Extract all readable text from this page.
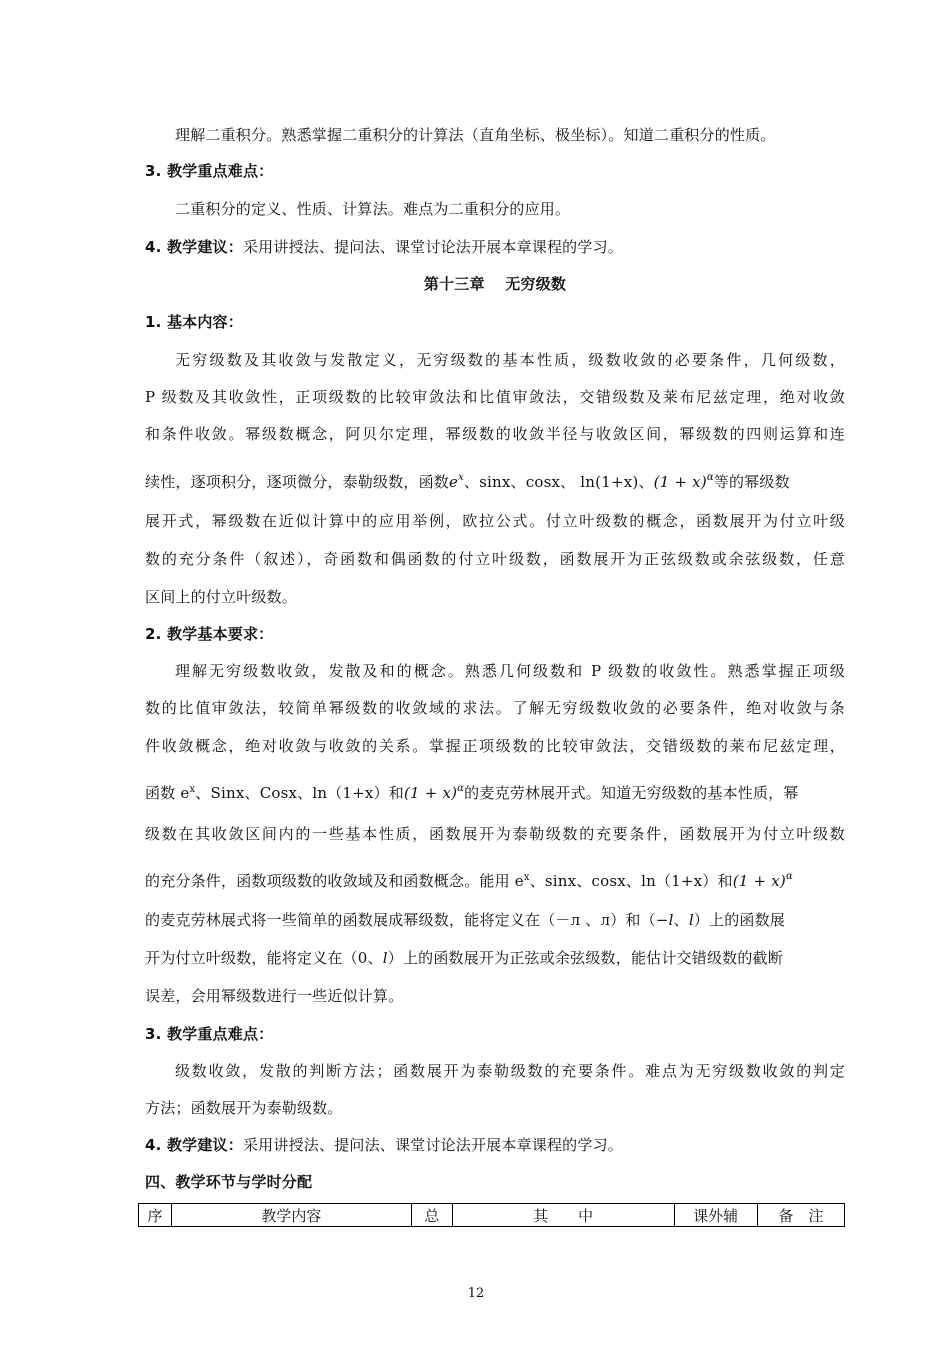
理解二重积分。熟悉掌握二重积分的计算法（直角坐标、极坐标）。知道二重积分的性质。
3. 教学重点难点：
二重积分的定义、性质、计算法。难点为二重积分的应用。
4. 教学建议：采用讲授法、提问法、课堂讨论法开展本章课程的学习。
第十三章　 无穷级数
1. 基本内容：
无穷级数及其收敛与发散定义，无穷级数的基本性质，级数收敛的必要条件，几何级数，
P 级数及其收敛性，正项级数的比较审敛法和比值审敛法，交错级数及莱布尼兹定理，绝对收敛
和条件收敛。幂级数概念，阿贝尔定理，幂级数的收敛半径与收敛区间，幂级数的四则运算和连
续性，逐项积分，逐项微分，泰勒级数，函数$e^x$、sinx、cosx、 ln(1+x)、$(1 + x)^\alpha$等的幂级数
展开式，幂级数在近似计算中的应用举例，欧拉公式。付立叶级数的概念，函数展开为付立叶级
数的充分条件（叙述），奇函数和偶函数的付立叶级数，函数展开为正弦级数或余弦级数，任意
区间上的付立叶级数。
2. 教学基本要求：
理解无穷级数收敛，发散及和的概念。熟悉几何级数和 P 级数的收敛性。熟悉掌握正项级
数的比值审敛法，较简单幂级数的收敛域的求法。了解无穷级数收敛的必要条件，绝对收敛与条
件收敛概念，绝对收敛与收敛的关系。掌握正项级数的比较审敛法，交错级数的莱布尼兹定理，
函数 $e^x$、Sinx、Cosx、ln（1+x）和$(1 + x)^\alpha$的麦克劳林展开式。知道无穷级数的基本性质，幂
级数在其收敛区间内的一些基本性质，函数展开为泰勒级数的充要条件，函数展开为付立叶级数
的充分条件，函数项级数的收敛域及和函数概念。能用 $e^x$、sinx、cosx、ln（1+x）和$(1 + x)^\alpha$
的麦克劳林展式将一些简单的函数展成幂级数，能将定义在（－л 、л）和（−l、l）上的函数展
开为付立叶级数，能将定义在（0、l）上的函数展开为正弦或余弦级数，能估计交错级数的截断
误差，会用幂级数进行一些近似计算。
3. 教学重点难点：
级数收敛，发散的判断方法；函数展开为泰勒级数的充要条件。难点为无穷级数收敛的判定
方法；函数展开为泰勒级数。
4. 教学建议：采用讲授法、提问法、课堂讨论法开展本章课程的学习。
四、教学环节与学时分配
序	教学内容	总	其　　中	课外辅	备　注
12
